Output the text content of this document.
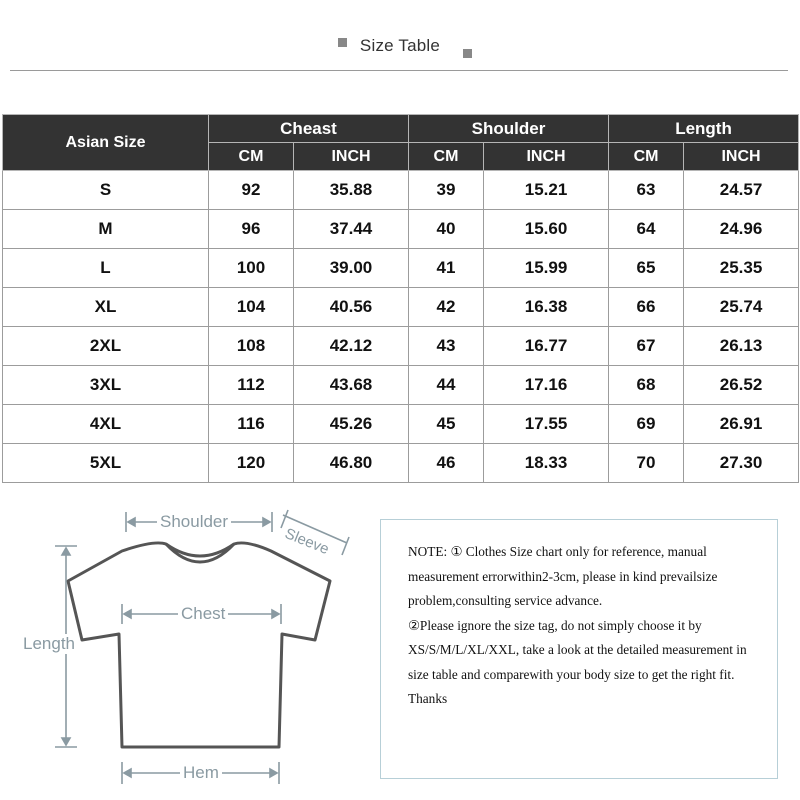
Size Table
Asian Size	Cheast		Shoulder		Length	
	CM	INCH	CM	INCH	CM	INCH
S	92	35.88	39	15.21	63	24.57
M	96	37.44	40	15.60	64	24.96
L	100	39.00	41	15.99	65	25.35
XL	104	40.56	42	16.38	66	25.74
2XL	108	42.12	43	16.77	67	26.13
3XL	112	43.68	44	17.16	68	26.52
4XL	116	45.26	45	17.55	69	26.91
5XL	120	46.80	46	18.33	70	27.30
Shoulder
Sleeve
Chest
Length
Hem

NOTE: ① Clothes Size chart only for reference, manual measurement errorwithin2-3cm, please in kind prevailsize problem,consulting service advance.

②Please ignore the size tag, do not simply choose it by XS/S/M/L/XL/XXL, take a look at the detailed measurement in size table and comparewith your body size to get the right fit.

Thanks
